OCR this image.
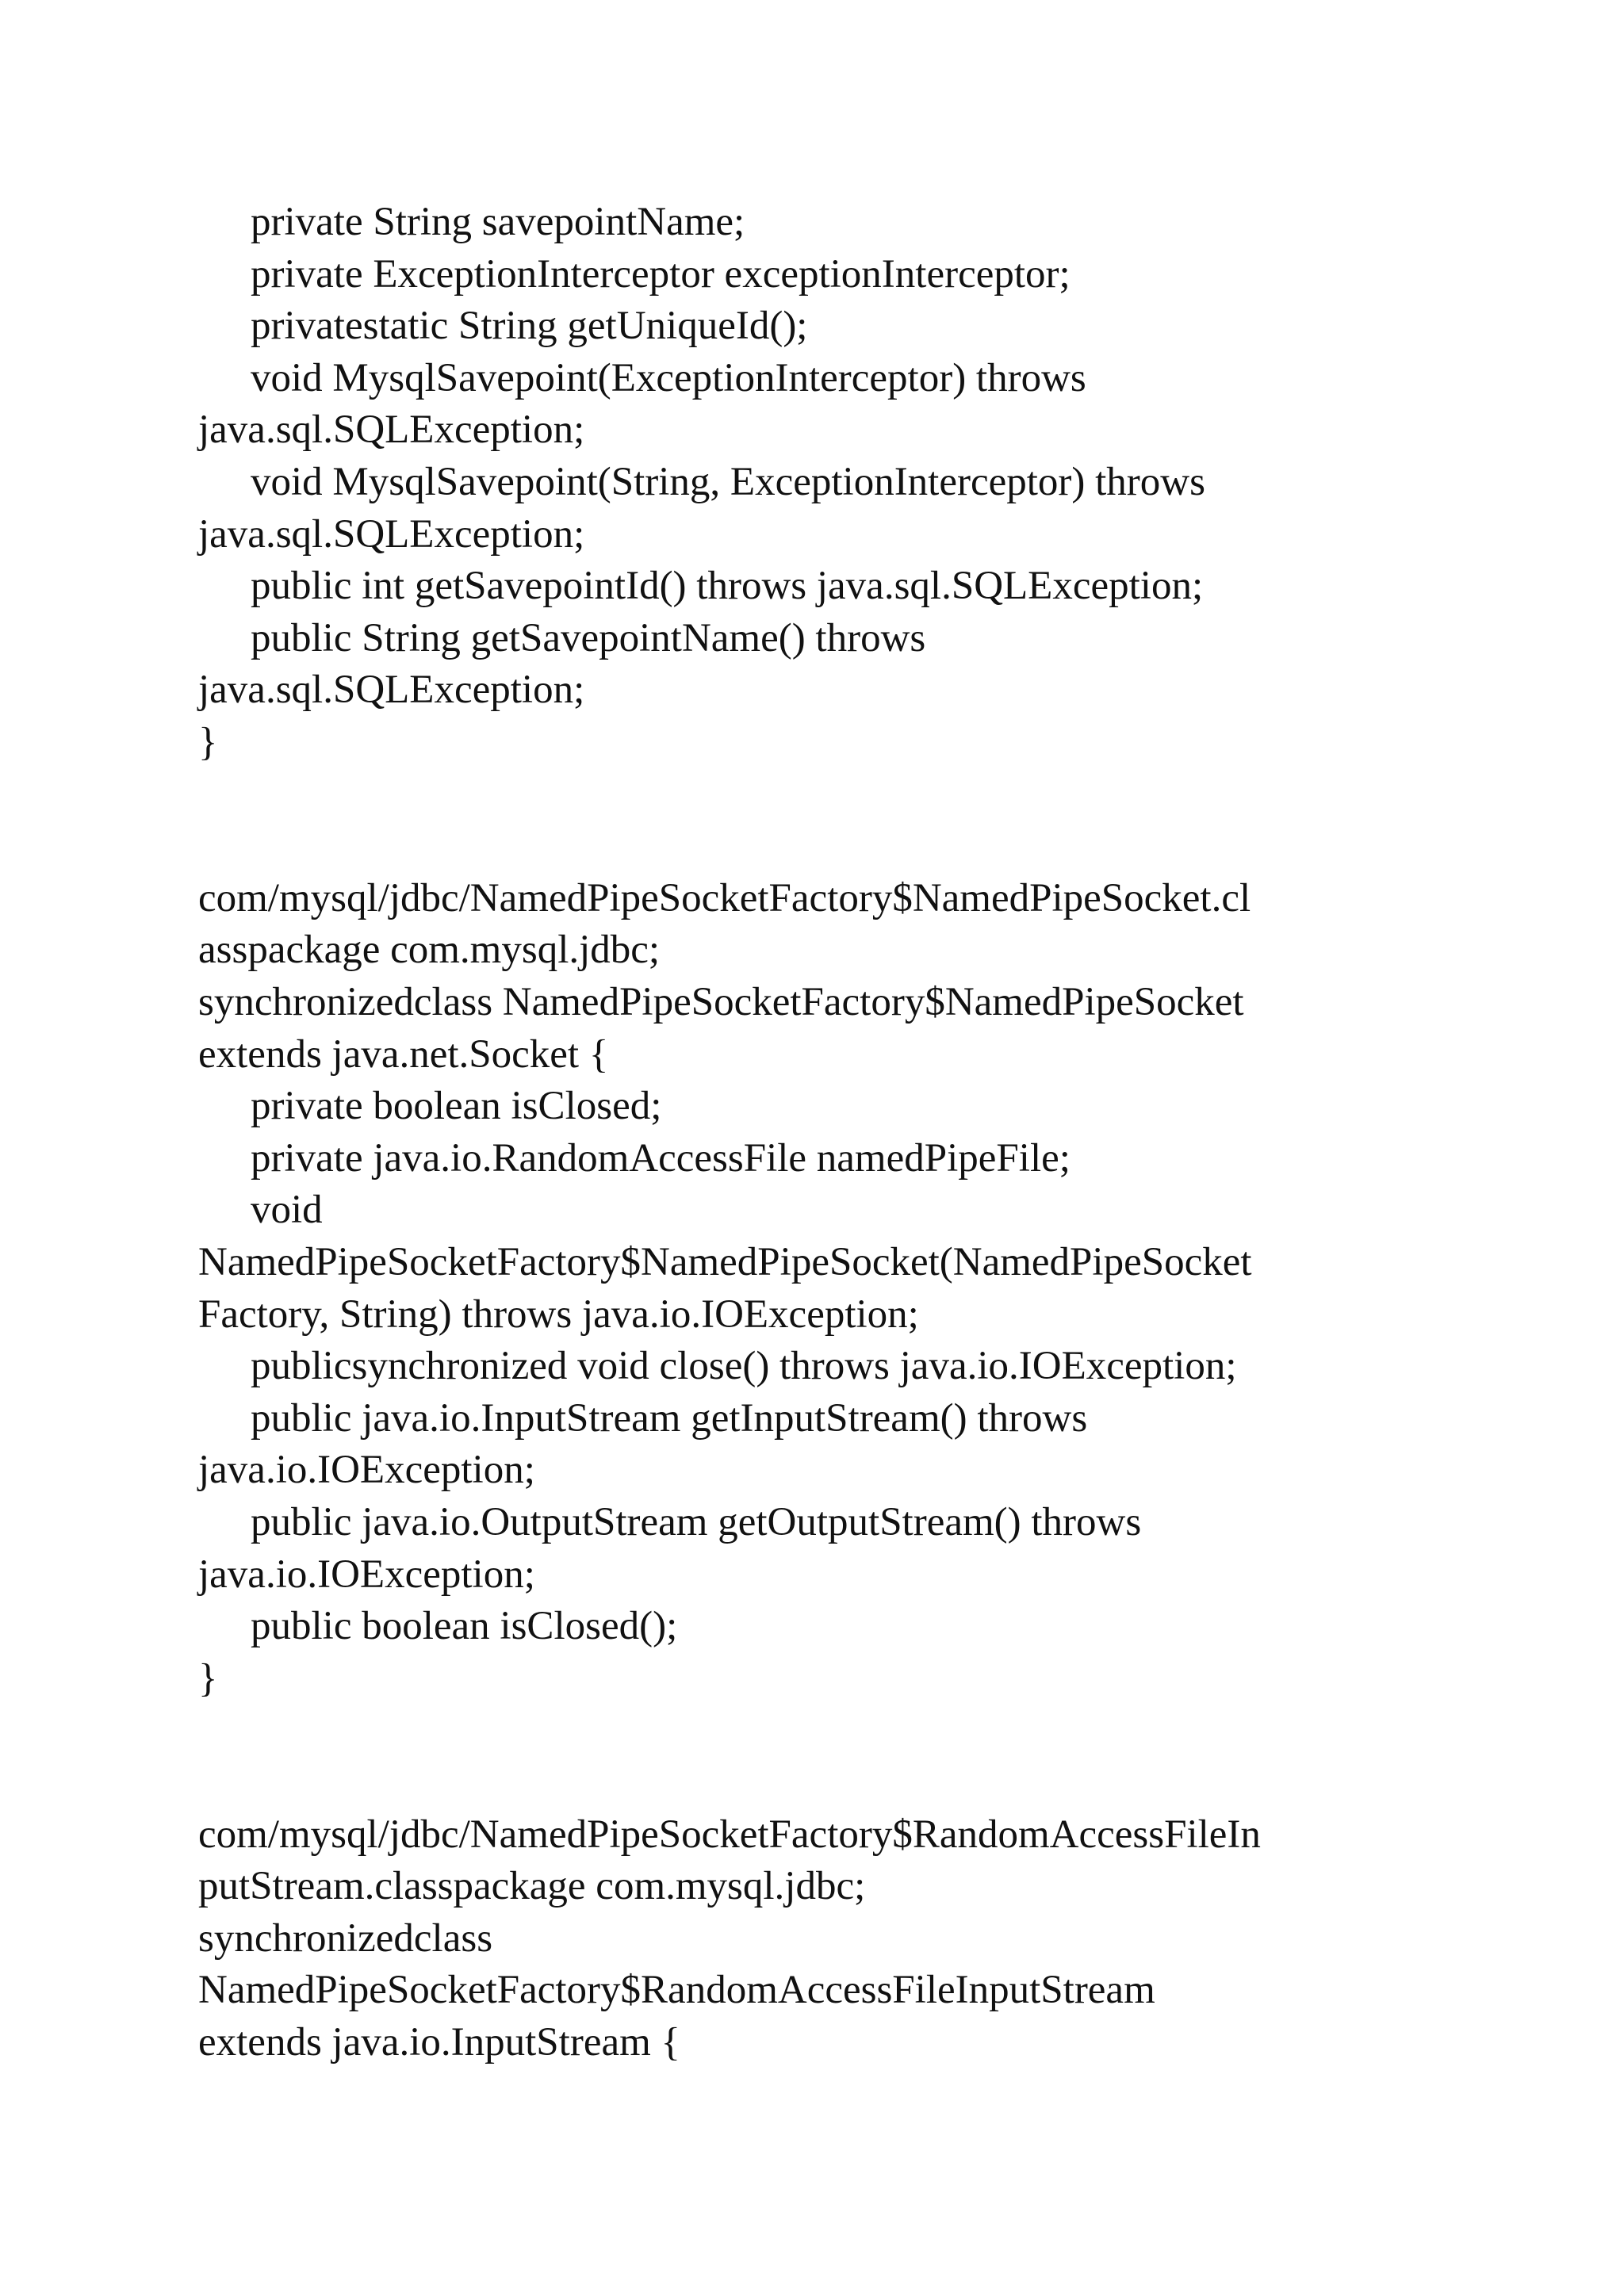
private String savepointName;

private ExceptionInterceptor exceptionInterceptor;

privatestatic String getUniqueId();

void MysqlSavepoint(ExceptionInterceptor) throws

java.sql.SQLException;

void MysqlSavepoint(String, ExceptionInterceptor) throws

java.sql.SQLException;

public int getSavepointId() throws java.sql.SQLException;

public String getSavepointName() throws

java.sql.SQLException;

}

com/mysql/jdbc/NamedPipeSocketFactory$NamedPipeSocket.cl

asspackage com.mysql.jdbc;

synchronizedclass NamedPipeSocketFactory$NamedPipeSocket

extends java.net.Socket {

private boolean isClosed;

private java.io.RandomAccessFile namedPipeFile;

void

NamedPipeSocketFactory$NamedPipeSocket(NamedPipeSocket

Factory, String) throws java.io.IOException;

publicsynchronized void close() throws java.io.IOException;

public java.io.InputStream getInputStream() throws

java.io.IOException;

public java.io.OutputStream getOutputStream() throws

java.io.IOException;

public boolean isClosed();

}

com/mysql/jdbc/NamedPipeSocketFactory$RandomAccessFileIn

putStream.classpackage com.mysql.jdbc;

synchronizedclass

NamedPipeSocketFactory$RandomAccessFileInputStream

extends java.io.InputStream {
